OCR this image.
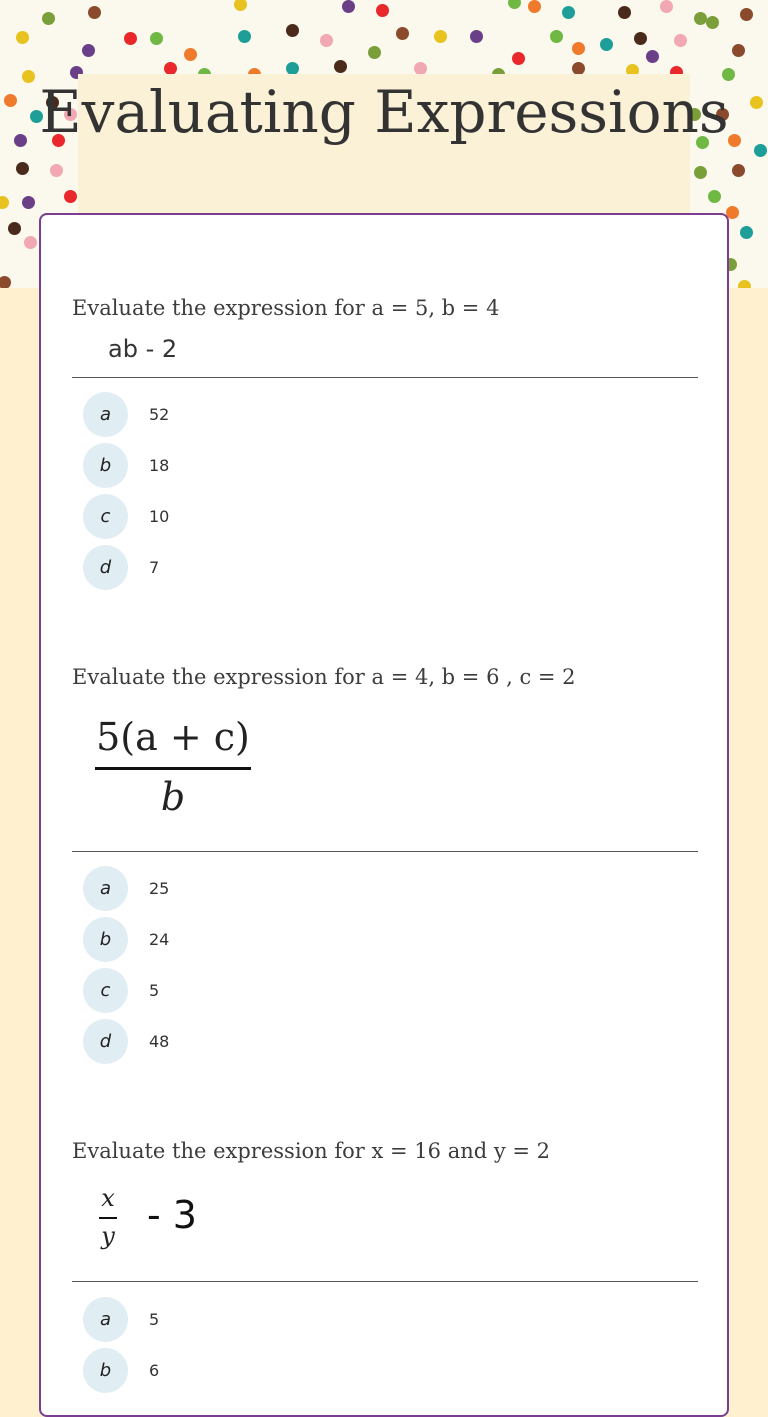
Evaluating Expressions
Evaluate the expression for a = 5, b = 4
ab - 2
a	52
b	18
c	10
d	7
Evaluate the expression for a = 4, b = 6 , c = 2
5(a + c)
b
a	25
b	24
c	5
d	48
Evaluate the expression for x = 16 and y = 2
x
y - 3
a	5
b	6
